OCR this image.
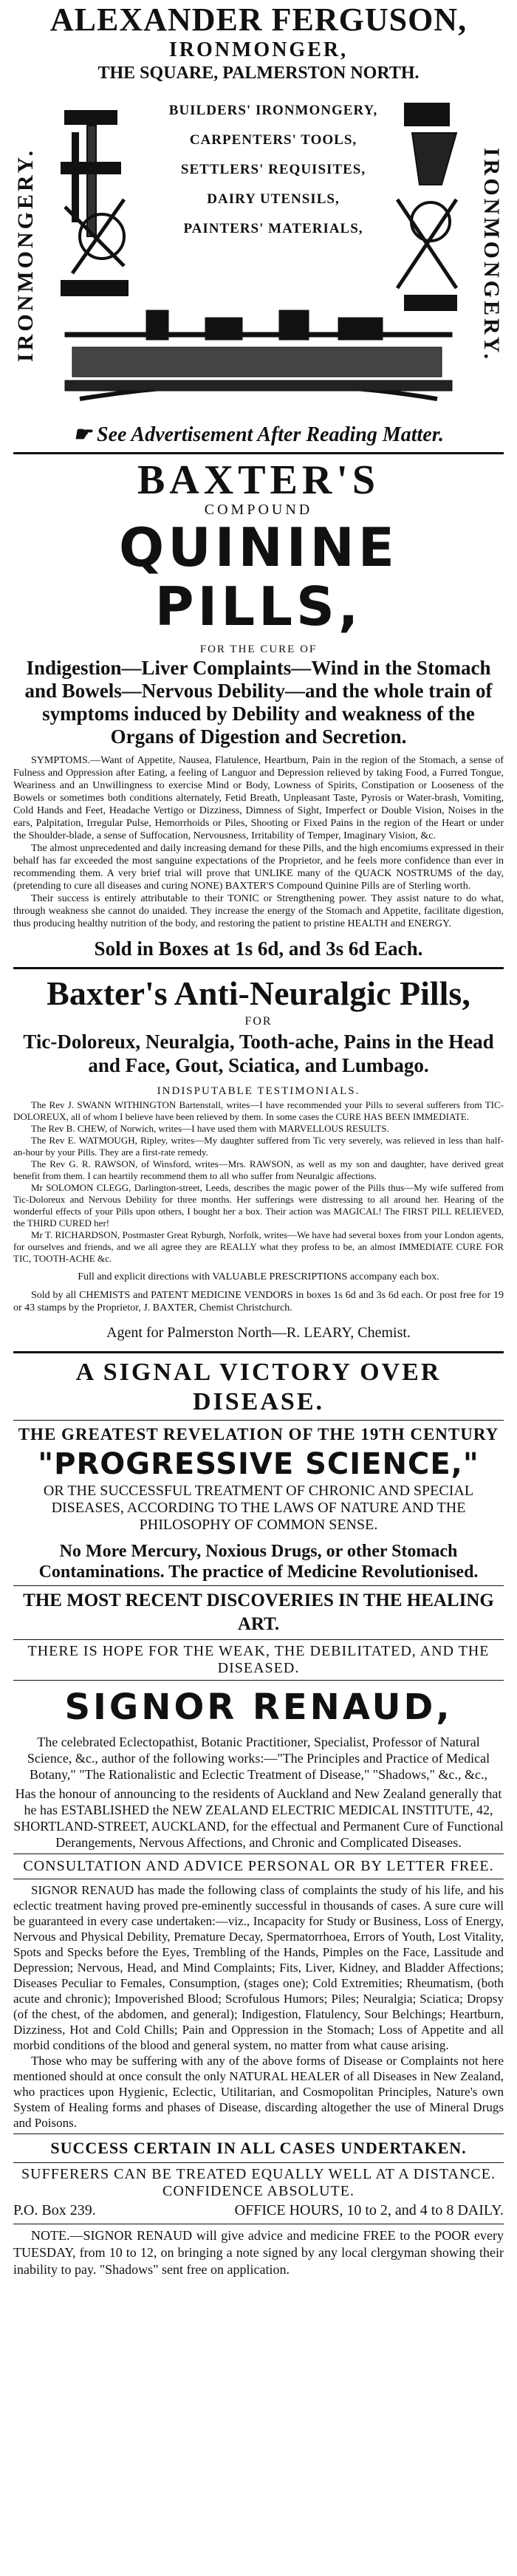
ALEXANDER FERGUSON,

IRONMONGER,

THE SQUARE, PALMERSTON NORTH.

IRONMONGERY.	IRONMONGERY.

BUILDERS' IRONMONGERY,

CARPENTERS' TOOLS,

SETTLERS' REQUISITES,

DAIRY UTENSILS,

PAINTERS' MATERIALS,

☛ See Advertisement After Reading Matter.

BAXTER'S

COMPOUND

QUININE PILLS,

FOR THE CURE OF

Indigestion—Liver Complaints—Wind in the Stomach and Bowels—Nervous Debility—and the whole train of symptoms induced by Debility and weakness of the Organs of Digestion and Secretion.

SYMPTOMS.—Want of Appetite, Nausea, Flatulence, Heartburn, Pain in the region of the Stomach, a sense of Fulness and Oppression after Eating, a feeling of Languor and Depression relieved by taking Food, a Furred Tongue, Weariness and an Unwillingness to exercise Mind or Body, Lowness of Spirits, Constipation or Looseness of the Bowels or sometimes both conditions alternately, Fetid Breath, Unpleasant Taste, Pyrosis or Water-brash, Vomiting, Cold Hands and Feet, Headache Vertigo or Dizziness, Dimness of Sight, Imperfect or Double Vision, Noises in the ears, Palpitation, Irregular Pulse, Hemorrhoids or Piles, Shooting or Fixed Pains in the region of the Heart or under the Shoulder-blade, a sense of Suffocation, Nervousness, Irritability of Temper, Imaginary Vision, &c.

The almost unprecedented and daily increasing demand for these Pills, and the high encomiums expressed in their behalf has far exceeded the most sanguine expectations of the Proprietor, and he feels more confidence than ever in recommending them. A very brief trial will prove that UNLIKE many of the QUACK NOSTRUMS of the day, (pretending to cure all diseases and curing NONE) BAXTER'S Compound Quinine Pills are of Sterling worth.

Their success is entirely attributable to their TONIC or Strengthening power. They assist nature to do what, through weakness she cannot do unaided. They increase the energy of the Stomach and Appetite, facilitate digestion, thus producing healthy nutrition of the body, and restoring the patient to pristine HEALTH and ENERGY.

Sold in Boxes at 1s 6d, and 3s 6d Each.

Baxter's Anti-Neuralgic Pills,

FOR

Tic-Doloreux, Neuralgia, Tooth-ache, Pains in the Head and Face, Gout, Sciatica, and Lumbago.

INDISPUTABLE TESTIMONIALS.

The Rev J. SWANN WITHINGTON Bartenstall, writes—I have recommended your Pills to several sufferers from TIC-DOLOREUX, all of whom I believe have been relieved by them. In some cases the CURE HAS BEEN IMMEDIATE.

The Rev B. CHEW, of Norwich, writes—I have used them with MARVELLOUS RESULTS.

The Rev E. WATMOUGH, Ripley, writes—My daughter suffered from Tic very severely, was relieved in less than half-an-hour by your Pills. They are a first-rate remedy.

The Rev G. R. RAWSON, of Winsford, writes—Mrs. RAWSON, as well as my son and daughter, have derived great benefit from them. I can heartily recommend them to all who suffer from Neuralgic affections.

Mr SOLOMON CLEGG, Darlington-street, Leeds, describes the magic power of the Pills thus—My wife suffered from Tic-Doloreux and Nervous Debility for three months. Her sufferings were distressing to all around her. Hearing of the wonderful effects of your Pills upon others, I bought her a box. Their action was MAGICAL! The FIRST PILL RELIEVED, the THIRD CURED her!

Mr T. RICHARDSON, Postmaster Great Ryburgh, Norfolk, writes—We have had several boxes from your London agents, for ourselves and friends, and we all agree they are REALLY what they profess to be, an almost IMMEDIATE CURE FOR TIC, TOOTH-ACHE &c.

Full and explicit directions with VALUABLE PRESCRIPTIONS accompany each box.

Sold by all CHEMISTS and PATENT MEDICINE VENDORS in boxes 1s 6d and 3s 6d each. Or post free for 19 or 43 stamps by the Proprietor, J. BAXTER, Chemist Christchurch.

Agent for Palmerston North—R. LEARY, Chemist.

A SIGNAL VICTORY OVER DISEASE.

THE GREATEST REVELATION OF THE 19TH CENTURY

"PROGRESSIVE SCIENCE,"

OR THE SUCCESSFUL TREATMENT OF CHRONIC AND SPECIAL DISEASES, ACCORDING TO THE LAWS OF NATURE AND THE PHILOSOPHY OF COMMON SENSE.

No More Mercury, Noxious Drugs, or other Stomach Contaminations. The practice of Medicine Revolutionised.

THE MOST RECENT DISCOVERIES IN THE HEALING ART.

THERE IS HOPE FOR THE WEAK, THE DEBILITATED, AND THE DISEASED.

SIGNOR RENAUD,

The celebrated Eclectopathist, Botanic Practitioner, Specialist, Professor of Natural Science, &c., author of the following works:—"The Principles and Practice of Medical Botany," "The Rationalistic and Eclectic Treatment of Disease," "Shadows," &c., &c.,

Has the honour of announcing to the residents of Auckland and New Zealand generally that he has ESTABLISHED the NEW ZEALAND ELECTRIC MEDICAL INSTITUTE, 42, SHORTLAND-STREET, AUCKLAND, for the effectual and Permanent Cure of Functional Derangements, Nervous Affections, and Chronic and Complicated Diseases.

CONSULTATION AND ADVICE PERSONAL OR BY LETTER FREE.

SIGNOR RENAUD has made the following class of complaints the study of his life, and his eclectic treatment having proved pre-eminently successful in thousands of cases. A sure cure will be guaranteed in every case undertaken:—viz., Incapacity for Study or Business, Loss of Energy, Nervous and Physical Debility, Premature Decay, Spermatorrhoea, Errors of Youth, Lost Vitality, Spots and Specks before the Eyes, Trembling of the Hands, Pimples on the Face, Lassitude and Depression; Nervous, Head, and Mind Complaints; Fits, Liver, Kidney, and Bladder Affections; Diseases Peculiar to Females, Consumption, (stages one); Cold Extremities; Rheumatism, (both acute and chronic); Impoverished Blood; Scrofulous Humors; Piles; Neuralgia; Sciatica; Dropsy (of the chest, of the abdomen, and general); Indigestion, Flatulency, Sour Belchings; Heartburn, Dizziness, Hot and Cold Chills; Pain and Oppression in the Stomach; Loss of Appetite and all morbid conditions of the blood and general system, no matter from what cause arising.

Those who may be suffering with any of the above forms of Disease or Complaints not here mentioned should at once consult the only NATURAL HEALER of all Diseases in New Zealand, who practices upon Hygienic, Eclectic, Utilitarian, and Cosmopolitan Principles, Nature's own System of Healing forms and phases of Disease, discarding altogether the use of Mineral Drugs and Poisons.

SUCCESS CERTAIN IN ALL CASES UNDERTAKEN.

SUFFERERS CAN BE TREATED EQUALLY WELL AT A DISTANCE. CONFIDENCE ABSOLUTE.

P.O. Box 239.	OFFICE HOURS, 10 to 2, and 4 to 8 DAILY.

NOTE.—SIGNOR RENAUD will give advice and medicine FREE to the POOR every TUESDAY, from 10 to 12, on bringing a note signed by any local clergyman showing their inability to pay. "Shadows" sent free on application.
